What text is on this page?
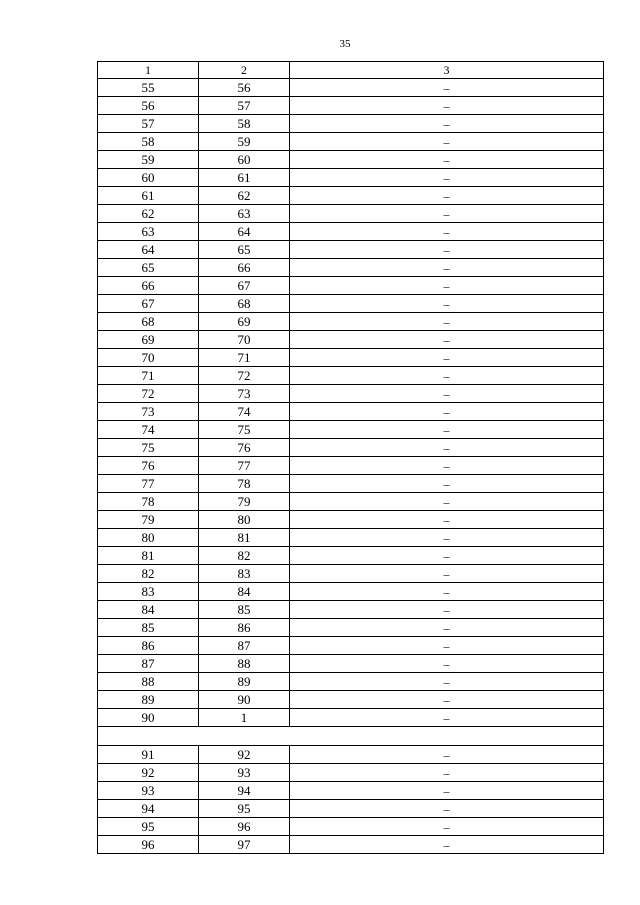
35
1	2	3
55	56	–
56	57	–
57	58	–
58	59	–
59	60	–
60	61	–
61	62	–
62	63	–
63	64	–
64	65	–
65	66	–
66	67	–
67	68	–
68	69	–
69	70	–
70	71	–
71	72	–
72	73	–
73	74	–
74	75	–
75	76	–
76	77	–
77	78	–
78	79	–
79	80	–
80	81	–
81	82	–
82	83	–
83	84	–
84	85	–
85	86	–
86	87	–
87	88	–
88	89	–
89	90	–
90	1	–

91	92	–
92	93	–
93	94	–
94	95	–
95	96	–
96	97	–
